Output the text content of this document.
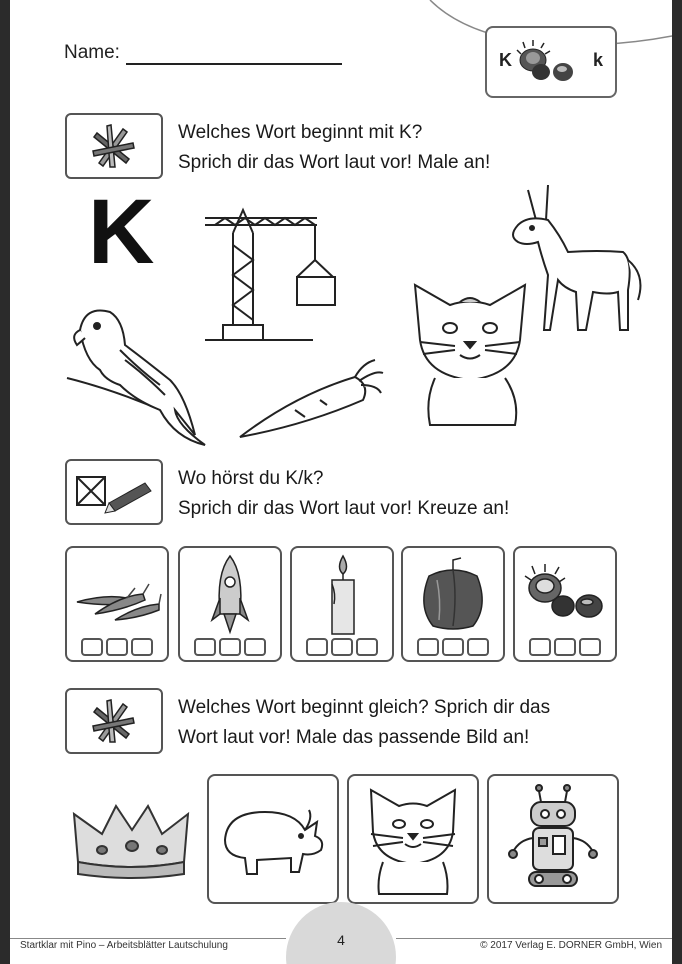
Name:	K	k
Welches Wort beginnt mit K?
Sprich dir das Wort laut vor! Male an!
K
Wo hörst du K/k?
Sprich dir das Wort laut vor! Kreuze an!
Welches Wort beginnt gleich? Sprich dir das
Wort laut vor! Male das passende Bild an!
4
Startklar mit Pino – Arbeitsblätter Lautschulung	© 2017 Verlag E. DORNER GmbH, Wien
